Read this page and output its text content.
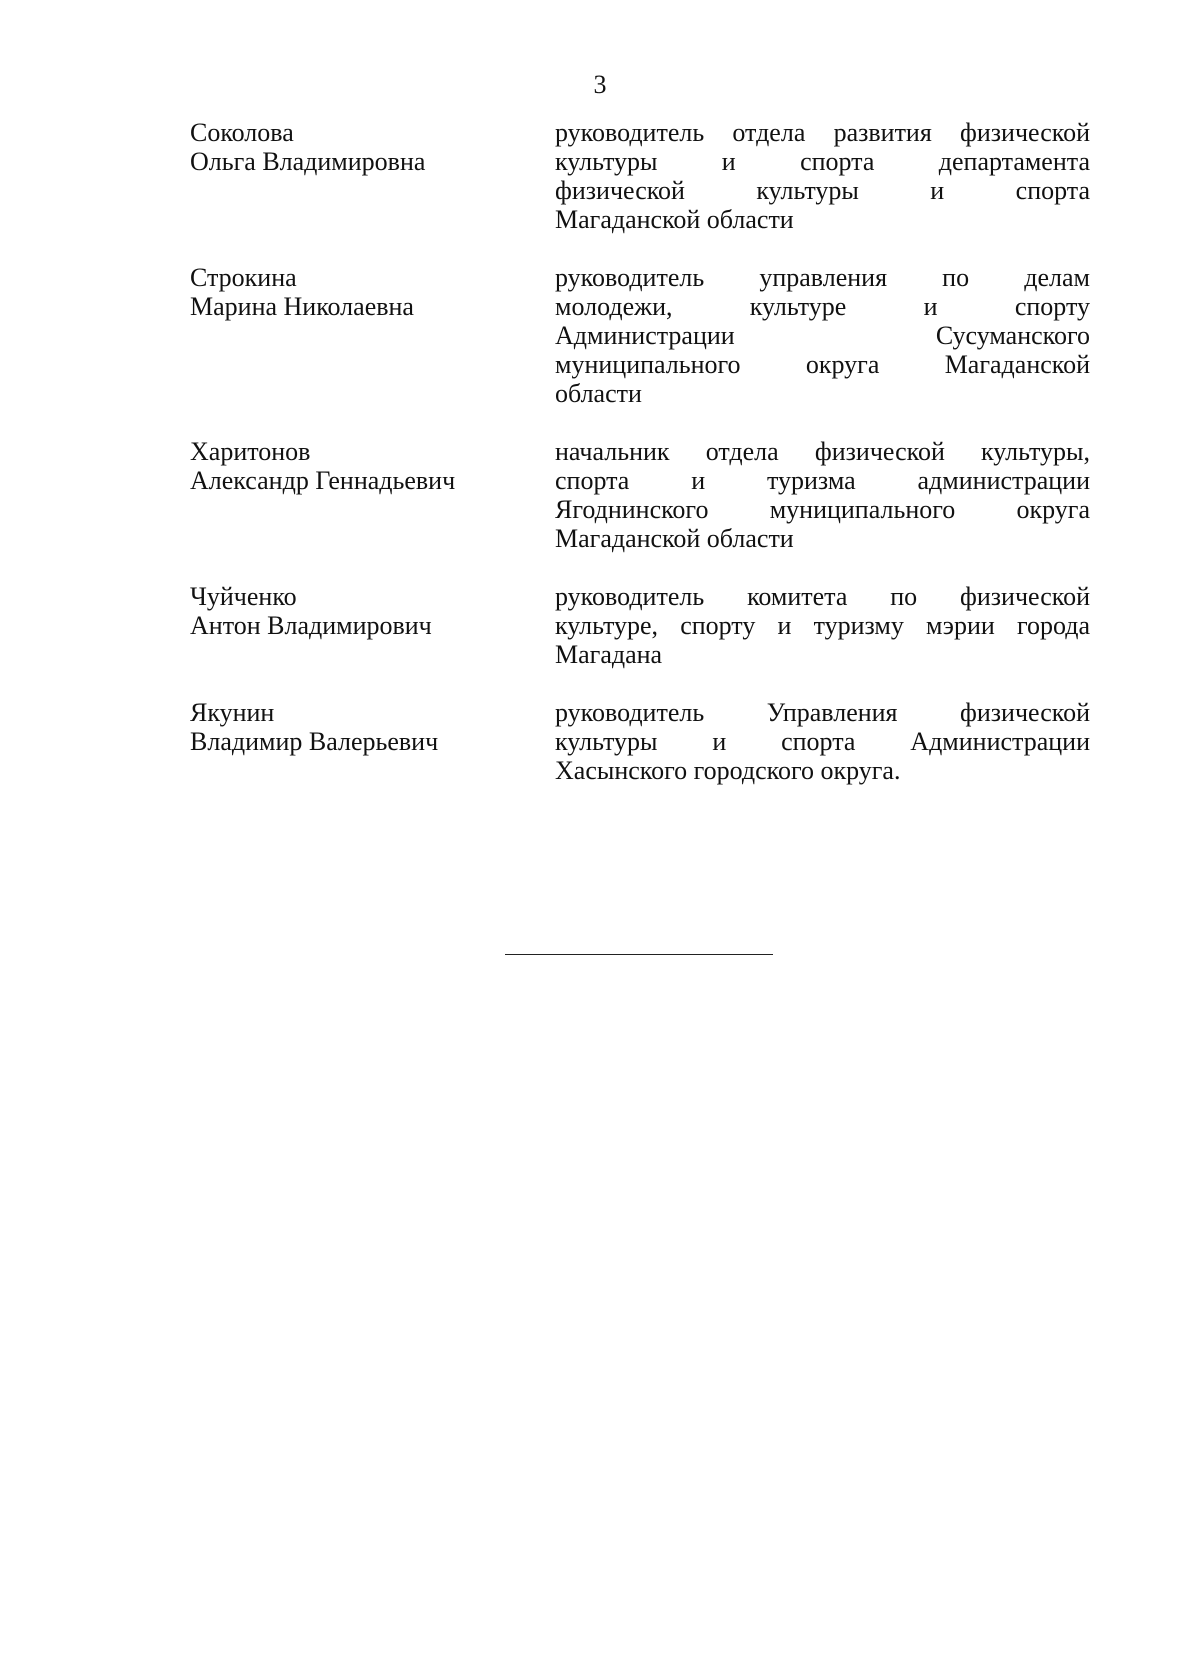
3
Соколова
Ольга Владимировна
руководитель отдела развития физической
культуры и спорта департамента
физической культуры и спорта
Магаданской области
Строкина
Марина Николаевна
руководитель управления по делам
молодежи, культуре и спорту
Администрации Сусуманского
муниципального округа Магаданской
области
Харитонов
Александр Геннадьевич
начальник отдела физической культуры,
спорта и туризма администрации
Ягоднинского муниципального округа
Магаданской области
Чуйченко
Антон Владимирович
руководитель комитета по физической
культуре, спорту и туризму мэрии города
Магадана
Якунин
Владимир Валерьевич
руководитель Управления физической
культуры и спорта Администрации
Хасынского городского округа.
